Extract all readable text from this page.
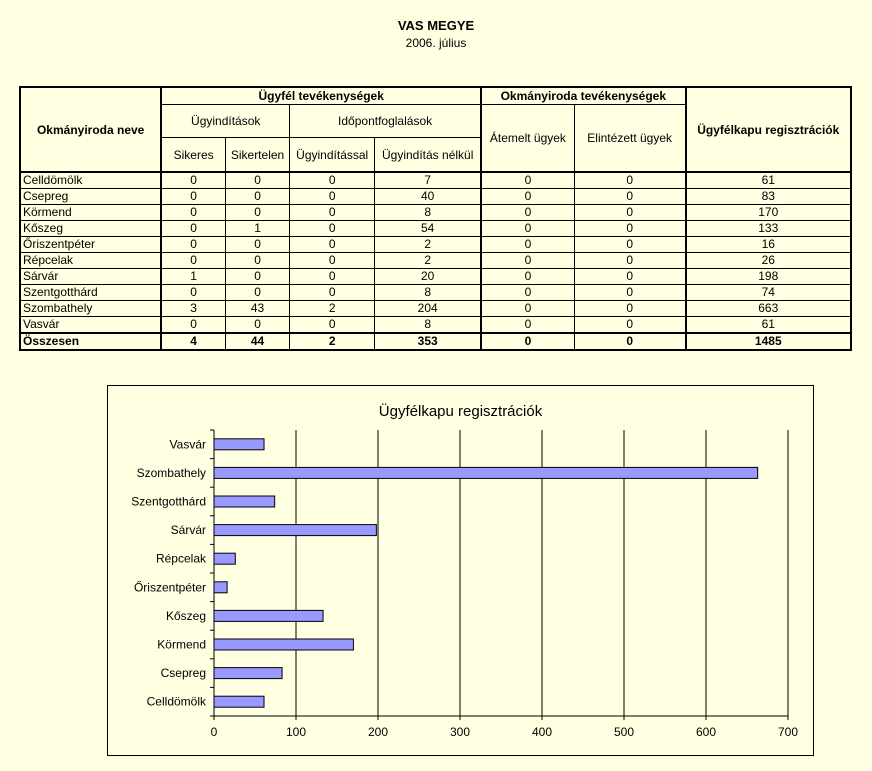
VAS MEGYE
2006. július
Okmányiroda neve	Ügyfél tevékenységek				Okmányiroda tevékenységek		Ügyfélkapu regisztrációk
	Ügyindítások		Időpontfoglalások		Átemelt ügyek	Elintézett ügyek	
	Sikeres	Sikertelen	Ügyindítással	Ügyindítás nélkül			
Celldömölk	0	0	0	7	0	0	61
Csepreg	0	0	0	40	0	0	83
Körmend	0	0	0	8	0	0	170
Kőszeg	0	1	0	54	0	0	133
Őriszentpéter	0	0	0	2	0	0	16
Répcelak	0	0	0	2	0	0	26
Sárvár	1	0	0	20	0	0	198
Szentgotthárd	0	0	0	8	0	0	74
Szombathely	3	43	2	204	0	0	663
Vasvár	0	0	0	8	0	0	61
Összesen	4	44	2	353	0	0	1485
Ügyfélkapu regisztrációk
0	100	200	300	400	500	600	700
Vasvár
Szombathely
Szentgotthárd
Sárvár
Répcelak
Őriszentpéter
Kőszeg
Körmend
Csepreg
Celldömölk
